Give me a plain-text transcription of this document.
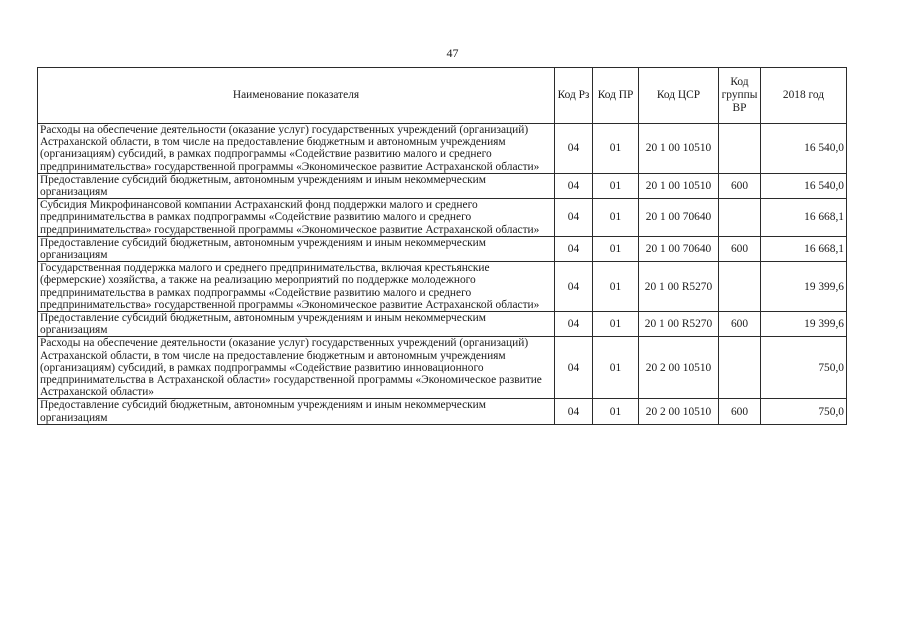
47
Наименование показателя	Код Рз	Код ПР	Код ЦСР	Код группы ВР	2018 год
Расходы на обеспечение деятельности (оказание услуг) государственных учреждений (организаций) Астраханской области, в том числе на предоставление бюджетным и автономным учреждениям (организациям) субсидий, в рамках подпрограммы «Содействие развитию малого и среднего предпринимательства» государственной программы «Экономическое развитие Астраханской области»	04	01	20 1 00 10510		16 540,0
Предоставление субсидий бюджетным, автономным учреждениям и иным некоммерческим организациям	04	01	20 1 00 10510	600	16 540,0
Субсидия Микрофинансовой компании Астраханский фонд поддержки малого и среднего предпринимательства в рамках подпрограммы «Содействие развитию малого и среднего предпринимательства» государственной программы «Экономическое развитие Астраханской области»	04	01	20 1 00 70640		16 668,1
Предоставление субсидий бюджетным, автономным учреждениям и иным некоммерческим организациям	04	01	20 1 00 70640	600	16 668,1
Государственная поддержка малого и среднего предпринимательства, включая крестьянские (фермерские) хозяйства, а также на реализацию мероприятий по поддержке молодежного предпринимательства в рамках подпрограммы «Содействие развитию малого и среднего предпринимательства» государственной программы «Экономическое развитие Астраханской области»	04	01	20 1 00 R5270		19 399,6
Предоставление субсидий бюджетным, автономным учреждениям и иным некоммерческим организациям	04	01	20 1 00 R5270	600	19 399,6
Расходы на обеспечение деятельности (оказание услуг) государственных учреждений (организаций) Астраханской области, в том числе на предоставление бюджетным и автономным учреждениям (организациям) субсидий, в рамках подпрограммы «Содействие развитию инновационного предпринимательства в Астраханской области» государственной программы «Экономическое развитие Астраханской области»	04	01	20 2 00 10510		750,0
Предоставление субсидий бюджетным, автономным учреждениям и иным некоммерческим организациям	04	01	20 2 00 10510	600	750,0
